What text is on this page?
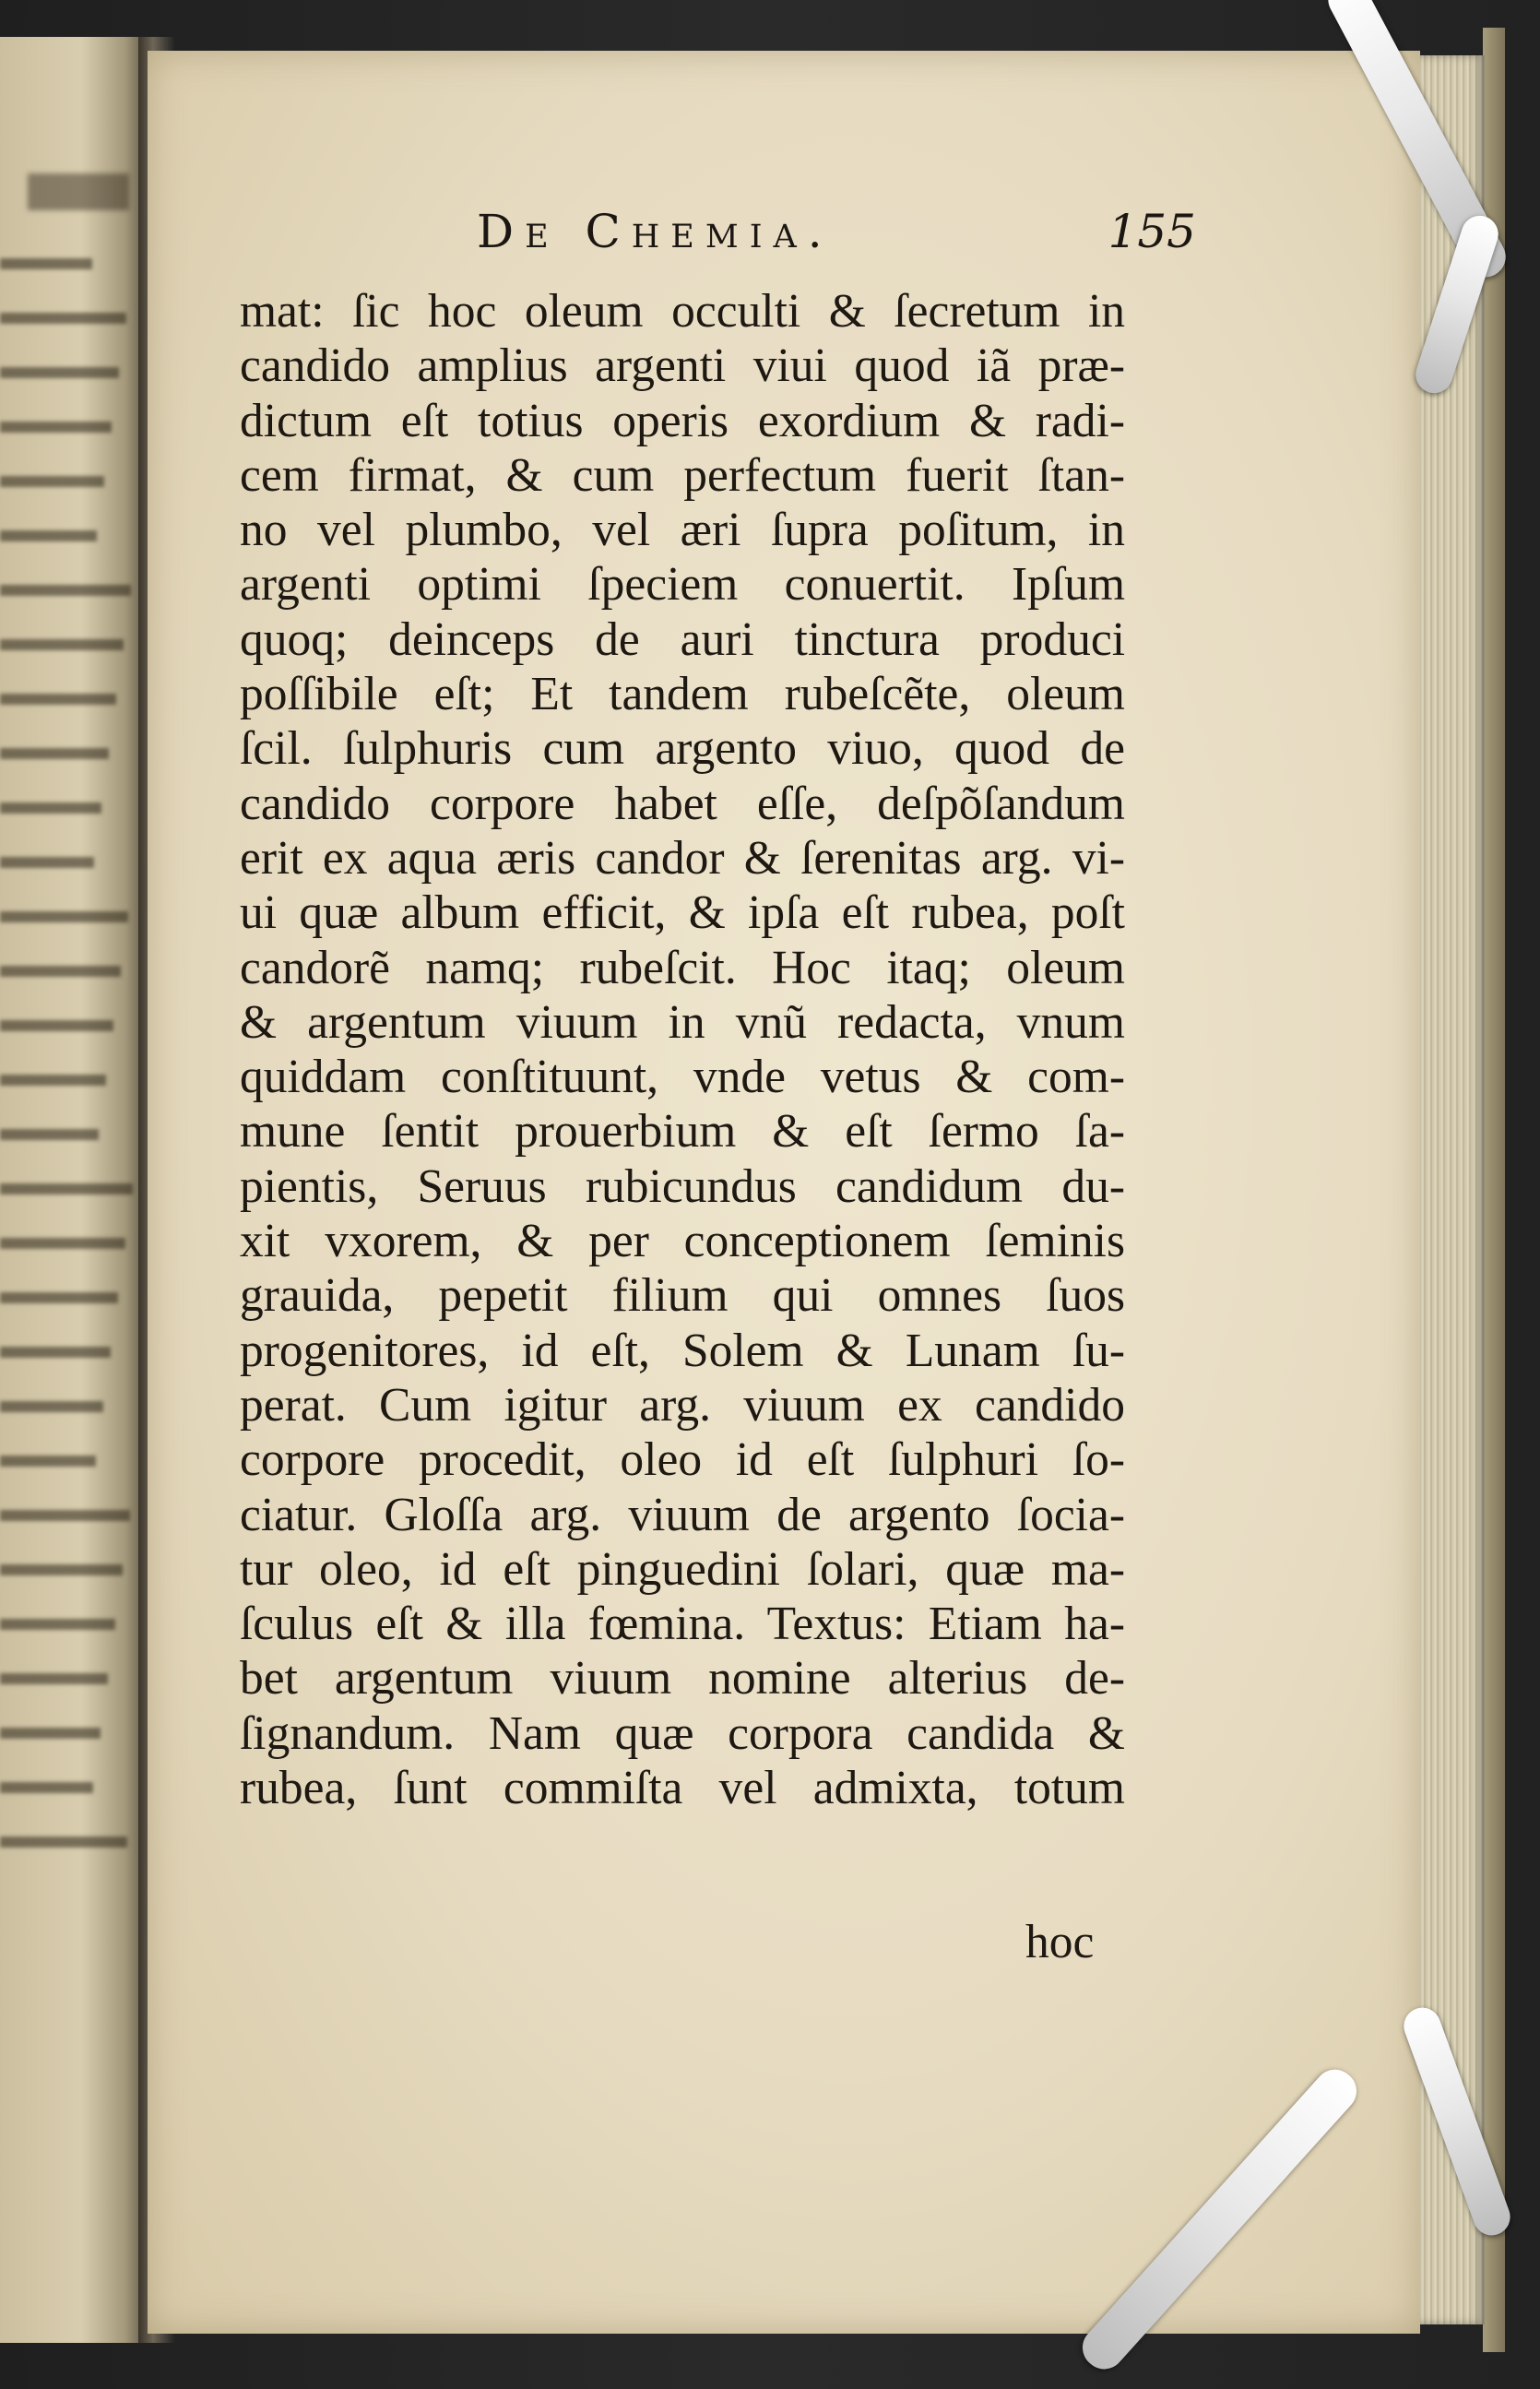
De Chemia.	155
mat: ſic hoc oleum occulti & ſecretum in
candido amplius argenti viui quod iã præ-
dictum eſt totius operis exordium & radi-
cem firmat, & cum perfectum fuerit ſtan-
no vel plumbo, vel æri ſupra poſitum, in
argenti optimi ſpeciem conuertit. Ipſum
quoq; deinceps de auri tinctura produci
poſſibile eſt; Et tandem rubeſcẽte, oleum
ſcil. ſulphuris cum argento viuo, quod de
candido corpore habet eſſe, deſpõſandum
erit ex aqua æris candor & ſerenitas arg. vi-
ui quæ album efficit, & ipſa eſt rubea, poſt
candorẽ namq; rubeſcit. Hoc itaq; oleum
& argentum viuum in vnũ redacta, vnum
quiddam conſtituunt, vnde vetus & com-
mune ſentit prouerbium & eſt ſermo ſa-
pientis, Seruus rubicundus candidum du-
xit vxorem, & per conceptionem ſeminis
grauida, pepetit filium qui omnes ſuos
progenitores, id eſt, Solem & Lunam ſu-
perat. Cum igitur arg. viuum ex candido
corpore procedit, oleo id eſt ſulphuri ſo-
ciatur. Gloſſa arg. viuum de argento ſocia-
tur oleo, id eſt pinguedini ſolari, quæ ma-
ſculus eſt & illa fœmina. Textus: Etiam ha-
bet argentum viuum nomine alterius de-
ſignandum. Nam quæ corpora candida &
rubea, ſunt commiſta vel admixta, totum
hoc
